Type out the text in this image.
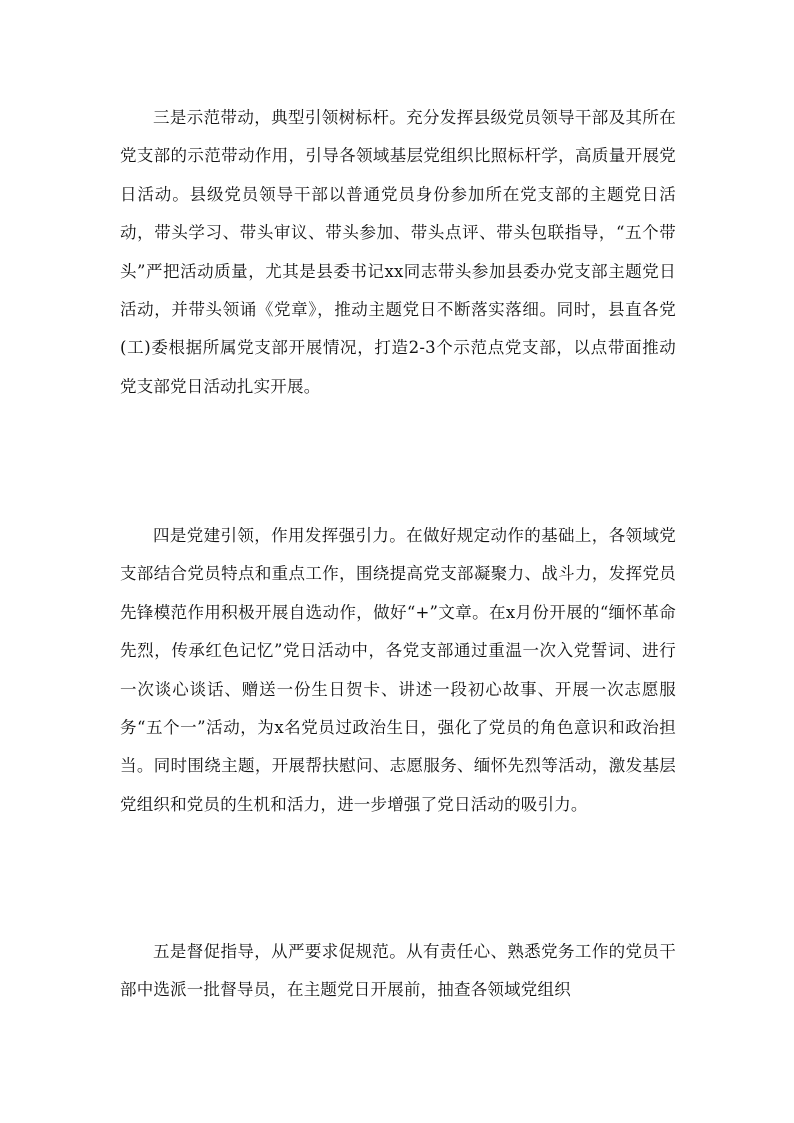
三是示范带动，典型引领树标杆。充分发挥县级党员领导干部及其所在党支部的示范带动作用，引导各领域基层党组织比照标杆学，高质量开展党日活动。县级党员领导干部以普通党员身份参加所在党支部的主题党日活动，带头学习、带头审议、带头参加、带头点评、带头包联指导，“五个带头”严把活动质量，尤其是县委书记xx同志带头参加县委办党支部主题党日活动，并带头领诵《党章》，推动主题党日不断落实落细。同时，县直各党(工)委根据所属党支部开展情况，打造2-3个示范点党支部，以点带面推动党支部党日活动扎实开展。

四是党建引领，作用发挥强引力。在做好规定动作的基础上，各领域党支部结合党员特点和重点工作，围绕提高党支部凝聚力、战斗力，发挥党员先锋模范作用积极开展自选动作，做好“+”文章。在x月份开展的“缅怀革命先烈，传承红色记忆”党日活动中，各党支部通过重温一次入党誓词、进行一次谈心谈话、赠送一份生日贺卡、讲述一段初心故事、开展一次志愿服务“五个一”活动，为x名党员过政治生日，强化了党员的角色意识和政治担当。同时围绕主题，开展帮扶慰问、志愿服务、缅怀先烈等活动，激发基层党组织和党员的生机和活力，进一步增强了党日活动的吸引力。

五是督促指导，从严要求促规范。从有责任心、熟悉党务工作的党员干部中选派一批督导员，在主题党日开展前，抽查各领域党组织
